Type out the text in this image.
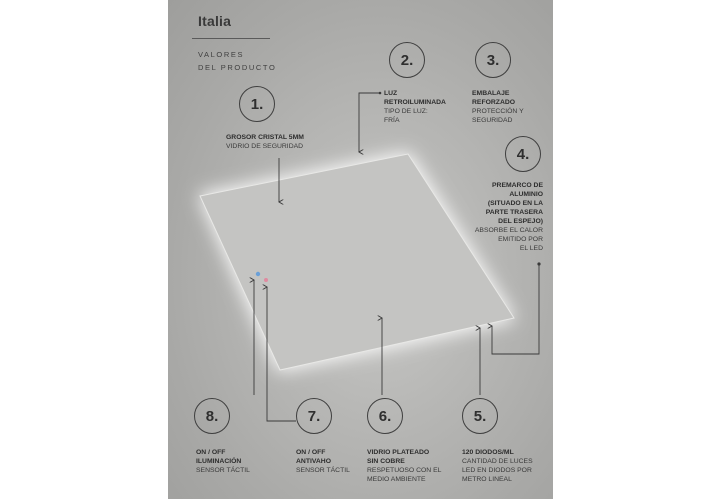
Italia
VALORES
DEL PRODUCTO
1.
GROSOR CRISTAL 5MM
VIDRIO DE SEGURIDAD
2.
LUZ
RETROILUMINADA
TIPO DE LUZ:
FRÍA
3.
EMBALAJE
REFORZADO
PROTECCIÓN Y
SEGURIDAD
4.
PREMARCO DE
ALUMINIO
(SITUADO EN LA
PARTE TRASERA
DEL ESPEJO)
ABSORBE EL CALOR
EMITIDO POR
EL LED
5.
120 DIODOS/ML
CANTIDAD DE LUCES
LED EN DIODOS POR
METRO LINEAL
6.
VIDRIO PLATEADO
SIN COBRE
RESPETUOSO CON EL
MEDIO AMBIENTE
7.
ON / OFF
ANTIVAHO
SENSOR TÁCTIL
8.
ON / OFF
ILUMINACIÓN
SENSOR TÁCTIL
